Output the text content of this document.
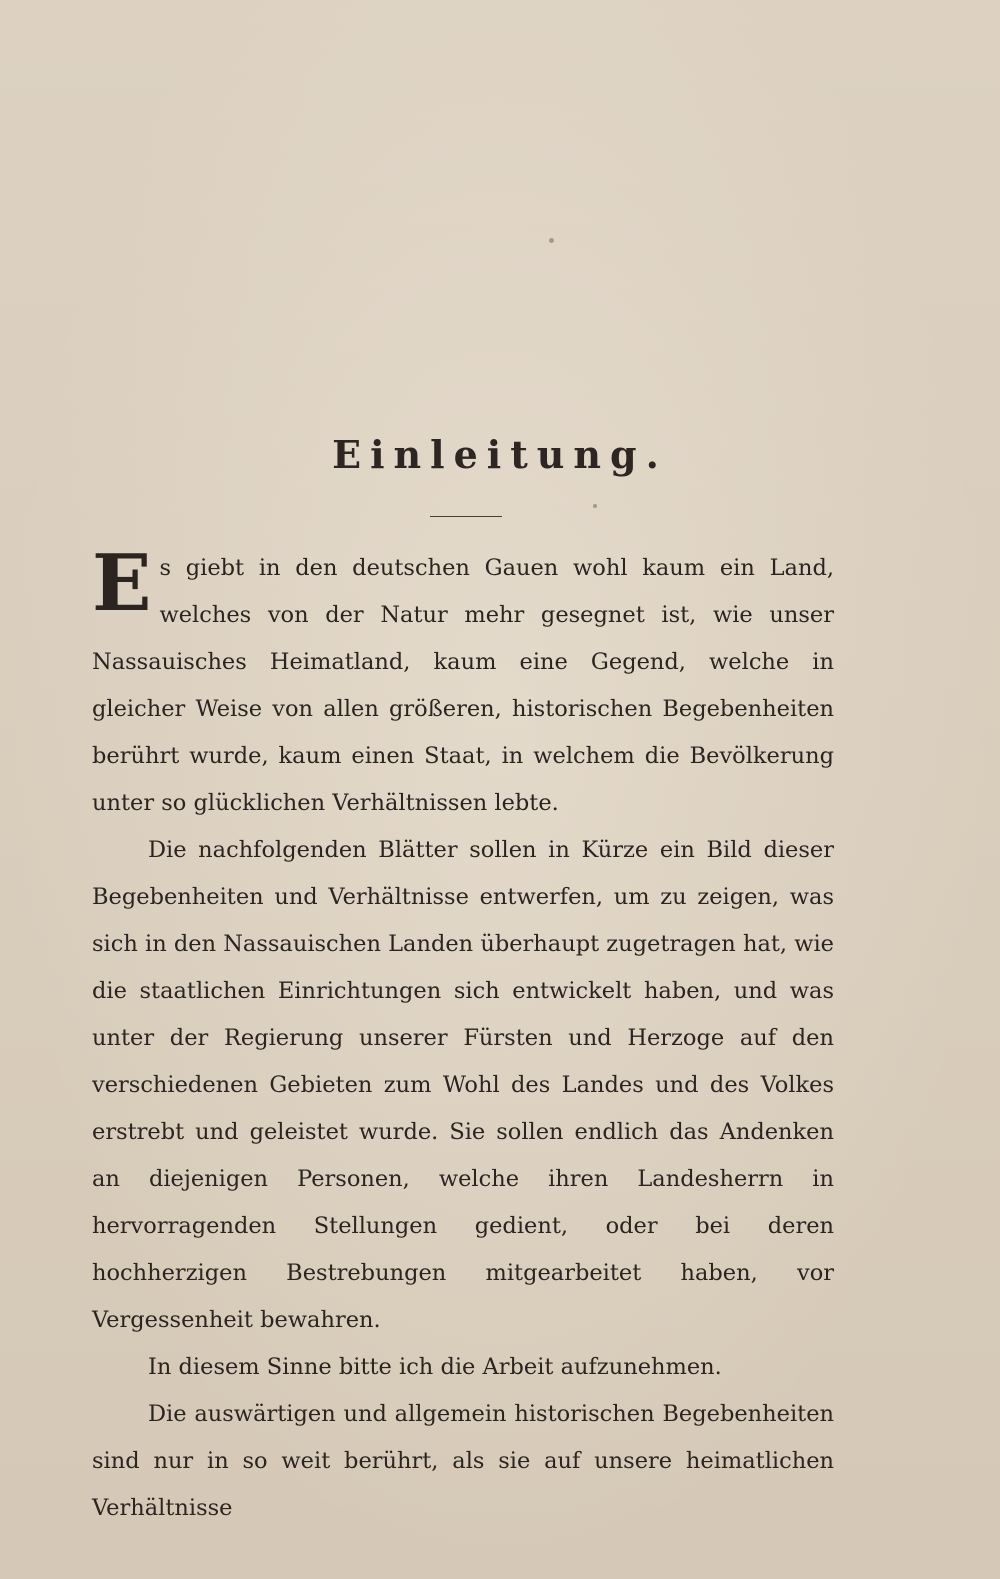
Einleitung.

Es giebt in den deutschen Gauen wohl kaum ein Land, welches von der Natur mehr gesegnet ist, wie unser Nassauisches Heimatland, kaum eine Gegend, welche in gleicher Weise von allen größeren, historischen Begebenheiten berührt wurde, kaum einen Staat, in welchem die Bevölkerung unter so glücklichen Verhältnissen lebte.

Die nachfolgenden Blätter sollen in Kürze ein Bild dieser Begebenheiten und Verhältnisse entwerfen, um zu zeigen, was sich in den Nassauischen Landen überhaupt zugetragen hat, wie die staatlichen Einrichtungen sich entwickelt haben, und was unter der Regierung unserer Fürsten und Herzoge auf den verschiedenen Gebieten zum Wohl des Landes und des Volkes erstrebt und geleistet wurde. Sie sollen endlich das Andenken an diejenigen Personen, welche ihren Landesherrn in hervorragenden Stellungen gedient, oder bei deren hochherzigen Bestrebungen mitgearbeitet haben, vor Vergessenheit bewahren.

In diesem Sinne bitte ich die Arbeit aufzunehmen.

Die auswärtigen und allgemein historischen Begebenheiten sind nur in so weit berührt, als sie auf unsere heimatlichen Verhältnisse
